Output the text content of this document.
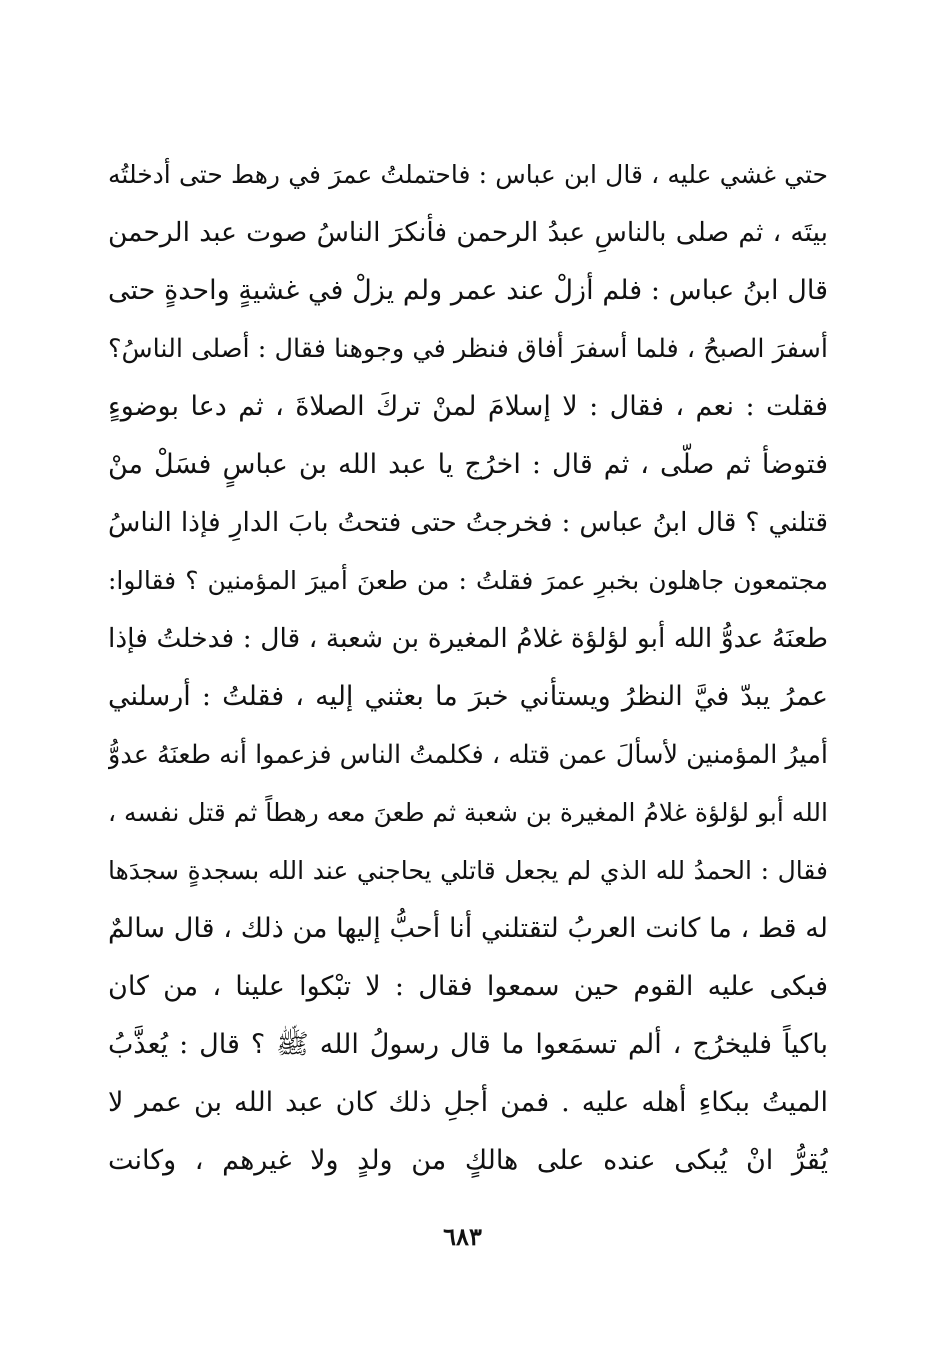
حتي غشي عليه ، قال ابن عباس : فاحتملتُ عمرَ في رهط حتى أدخلتُه
بيتَه ، ثم صلى بالناسِ عبدُ الرحمن فأنكرَ الناسُ صوت عبد الرحمن
قال ابنُ عباس : فلم أزلْ عند عمر ولم يزلْ في غشيةٍ واحدةٍ حتى
أسفرَ الصبحُ ، فلما أسفرَ أفاق فنظر في وجوهنا فقال : أصلى الناسُ؟
فقلت : نعم ، فقال : لا إسلامَ لمنْ تركَ الصلاةَ ، ثم دعا بوضوءٍ
فتوضأ ثم صلّى ، ثم قال : اخرُج يا عبد الله بن عباسٍ فسَلْ منْ
قتلني ؟ قال ابنُ عباس : فخرجتُ حتى فتحتُ بابَ الدارِ فإذا الناسُ
مجتمعون جاهلون بخبرِ عمرَ فقلتُ : من طعنَ أميرَ المؤمنين ؟ فقالوا:
طعنَهُ عدوُّ الله أبو لؤلؤة غلامُ المغيرة بن شعبة ، قال : فدخلتُ فإذا
عمرُ يبدّ فيَّ النظرُ ويستأني خبرَ ما بعثني إليه ، فقلتُ : أرسلني
أميرُ المؤمنين لأسألَ عمن قتله ، فكلمتُ الناس فزعموا أنه طعنَهُ عدوُّ
الله أبو لؤلؤة غلامُ المغيرة بن شعبة ثم طعنَ معه رهطاً ثم قتل نفسه ،
فقال : الحمدُ لله الذي لم يجعل قاتلي يحاجني عند الله بسجدةٍ سجدَها
له قط ، ما كانت العربُ لتقتلني أنا أحبُّ إليها من ذلك ، قال سالمٌ
فبكى عليه القوم حين سمعوا فقال : لا تبْكوا علينا ، من كان
باكياً فليخرُج ، ألم تسمَعوا ما قال رسولُ الله ﷺ ؟ قال : يُعذَّبُ
الميتُ ببكاءِ أهله عليه . فمن أجلِ ذلك كان عبد الله بن عمر لا
يُقرُّ انْ يُبكى عنده على هالكٍ من ولدٍ ولا غيرهم ، وكانت
٦٨٣
